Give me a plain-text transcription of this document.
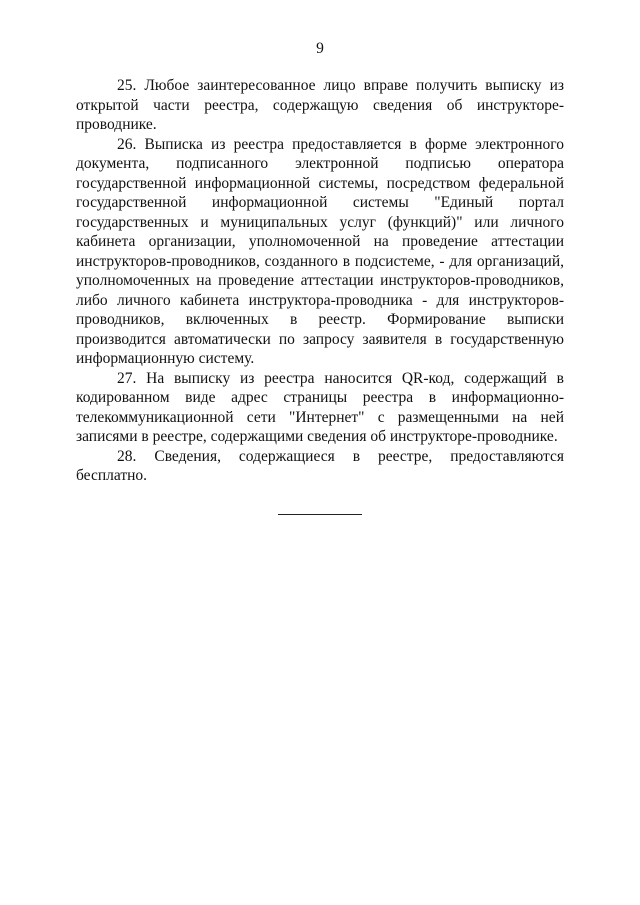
9

25. Любое заинтересованное лицо вправе получить выписку из открытой части реестра, содержащую сведения об инструкторе-проводнике.

26. Выписка из реестра предоставляется в форме электронного документа, подписанного электронной подписью оператора государственной информационной системы, посредством федеральной государственной информационной системы "Единый портал государственных и муниципальных услуг (функций)" или личного кабинета организации, уполномоченной на проведение аттестации инструкторов-проводников, созданного в подсистеме, - для организаций, уполномоченных на проведение аттестации инструкторов-проводников, либо личного кабинета инструктора-проводника - для инструкторов-проводников, включенных в реестр. Формирование выписки производится автоматически по запросу заявителя в государственную информационную систему.

27. На выписку из реестра наносится QR-код, содержащий в кодированном виде адрес страницы реестра в информационно-телекоммуникационной сети "Интернет" с размещенными на ней записями в реестре, содержащими сведения об инструкторе-проводнике.

28. Сведения, содержащиеся в реестре, предоставляются бесплатно.
